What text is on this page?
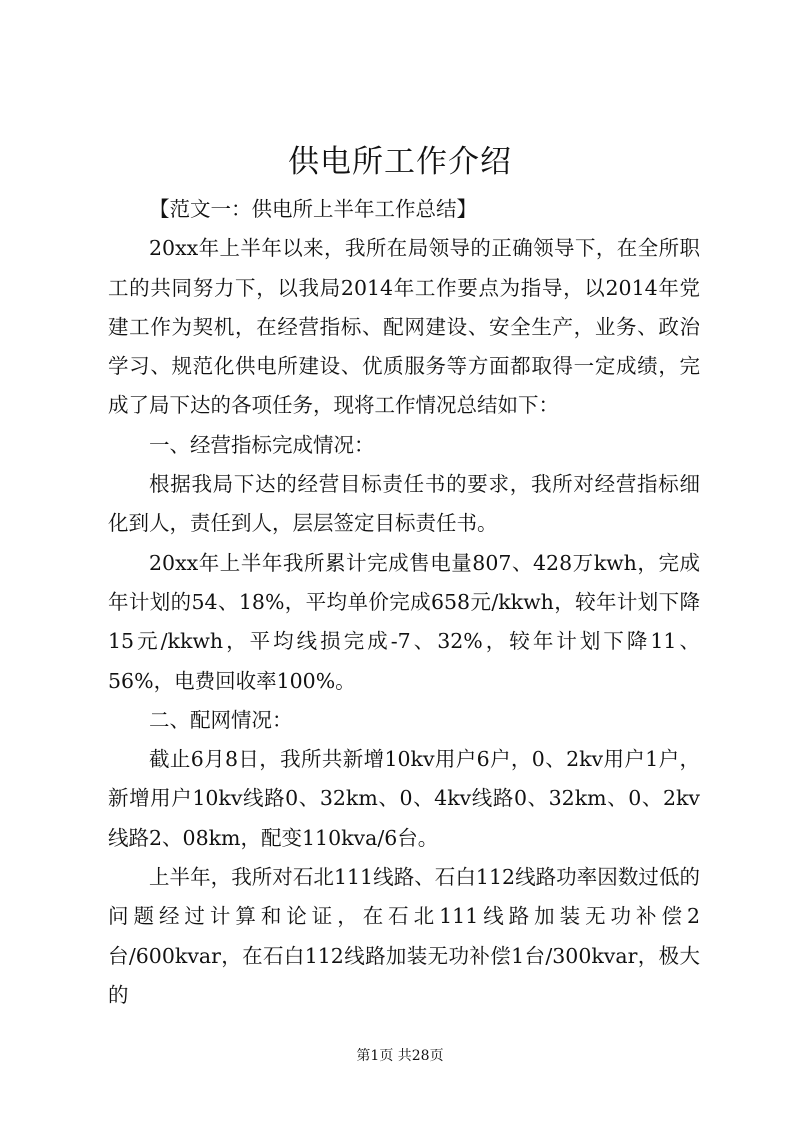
供电所工作介绍

【范文一：供电所上半年工作总结】

20xx年上半年以来，我所在局领导的正确领导下，在全所职工的共同努力下，以我局2014年工作要点为指导，以2014年党建工作为契机，在经营指标、配网建设、安全生产，业务、政治学习、规范化供电所建设、优质服务等方面都取得一定成绩，完成了局下达的各项任务，现将工作情况总结如下：

一、经营指标完成情况：

根据我局下达的经营目标责任书的要求，我所对经营指标细化到人，责任到人，层层签定目标责任书。

20xx年上半年我所累计完成售电量807、428万kwh，完成年计划的54、18%，平均单价完成658元/kkwh，较年计划下降15元/kkwh，平均线损完成-7、32%，较年计划下降11、56%，电费回收率100%。

二、配网情况：

截止6月8日，我所共新增10kv用户6户，0、2kv用户1户，新增用户10kv线路0、32km、0、4kv线路0、32km、0、2kv线路2、08km，配变110kva/6台。

上半年，我所对石北111线路、石白112线路功率因数过低的问题经过计算和论证，在石北111线路加装无功补偿2台/600kvar，在石白112线路加装无功补偿1台/300kvar，极大的

第1页 共28页
